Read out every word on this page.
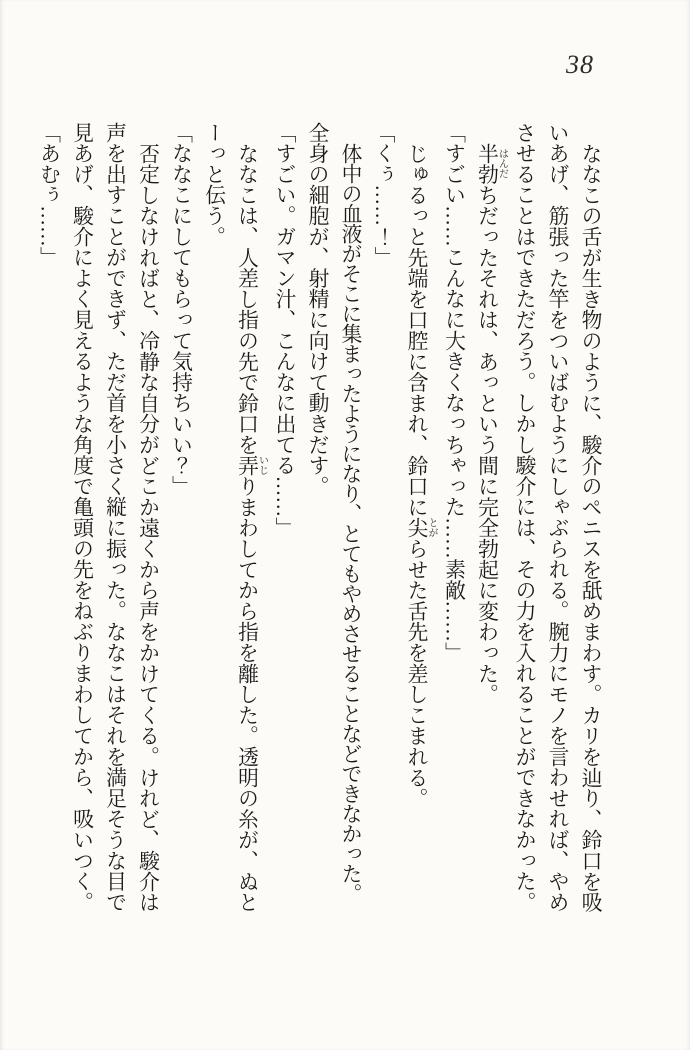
38

ななこの舌が生き物のように、駿介のペニスを舐めまわす。カリを辿り、鈴口を吸いあげ、筋張った竿をついばむようにしゃぶられる。腕力にモノを言わせれば、やめさせることはできただろう。しかし駿介には、その力を入れることができなかった。

半勃 はんだちだったそれは、あっという間に完全勃起に変わった。

「すごい……こんなに大きくなっちゃった……素敵……」

じゅるっと先端を口腔に含まれ、鈴口に尖 とがらせた舌先を差しこまれる。

「くぅ……！」

体中の血液がそこに集まったようになり、とてもやめさせることなどできなかった。

全身の細胞が、射精に向けて動きだす。

「すごい。ガマン汁、こんなに出てる……」

ななこは、人差し指の先で鈴口を弄 いじりまわしてから指を離した。透明の糸が、ぬとーっと伝う。

「ななこにしてもらって気持ちいい？」

否定しなければと、冷静な自分がどこか遠くから声をかけてくる。けれど、駿介は声を出すことができず、ただ首を小さく縦に振った。ななこはそれを満足そうな目で見あげ、駿介によく見えるような角度で亀頭の先をねぶりまわしてから、吸いつく。

「あむぅ……」
